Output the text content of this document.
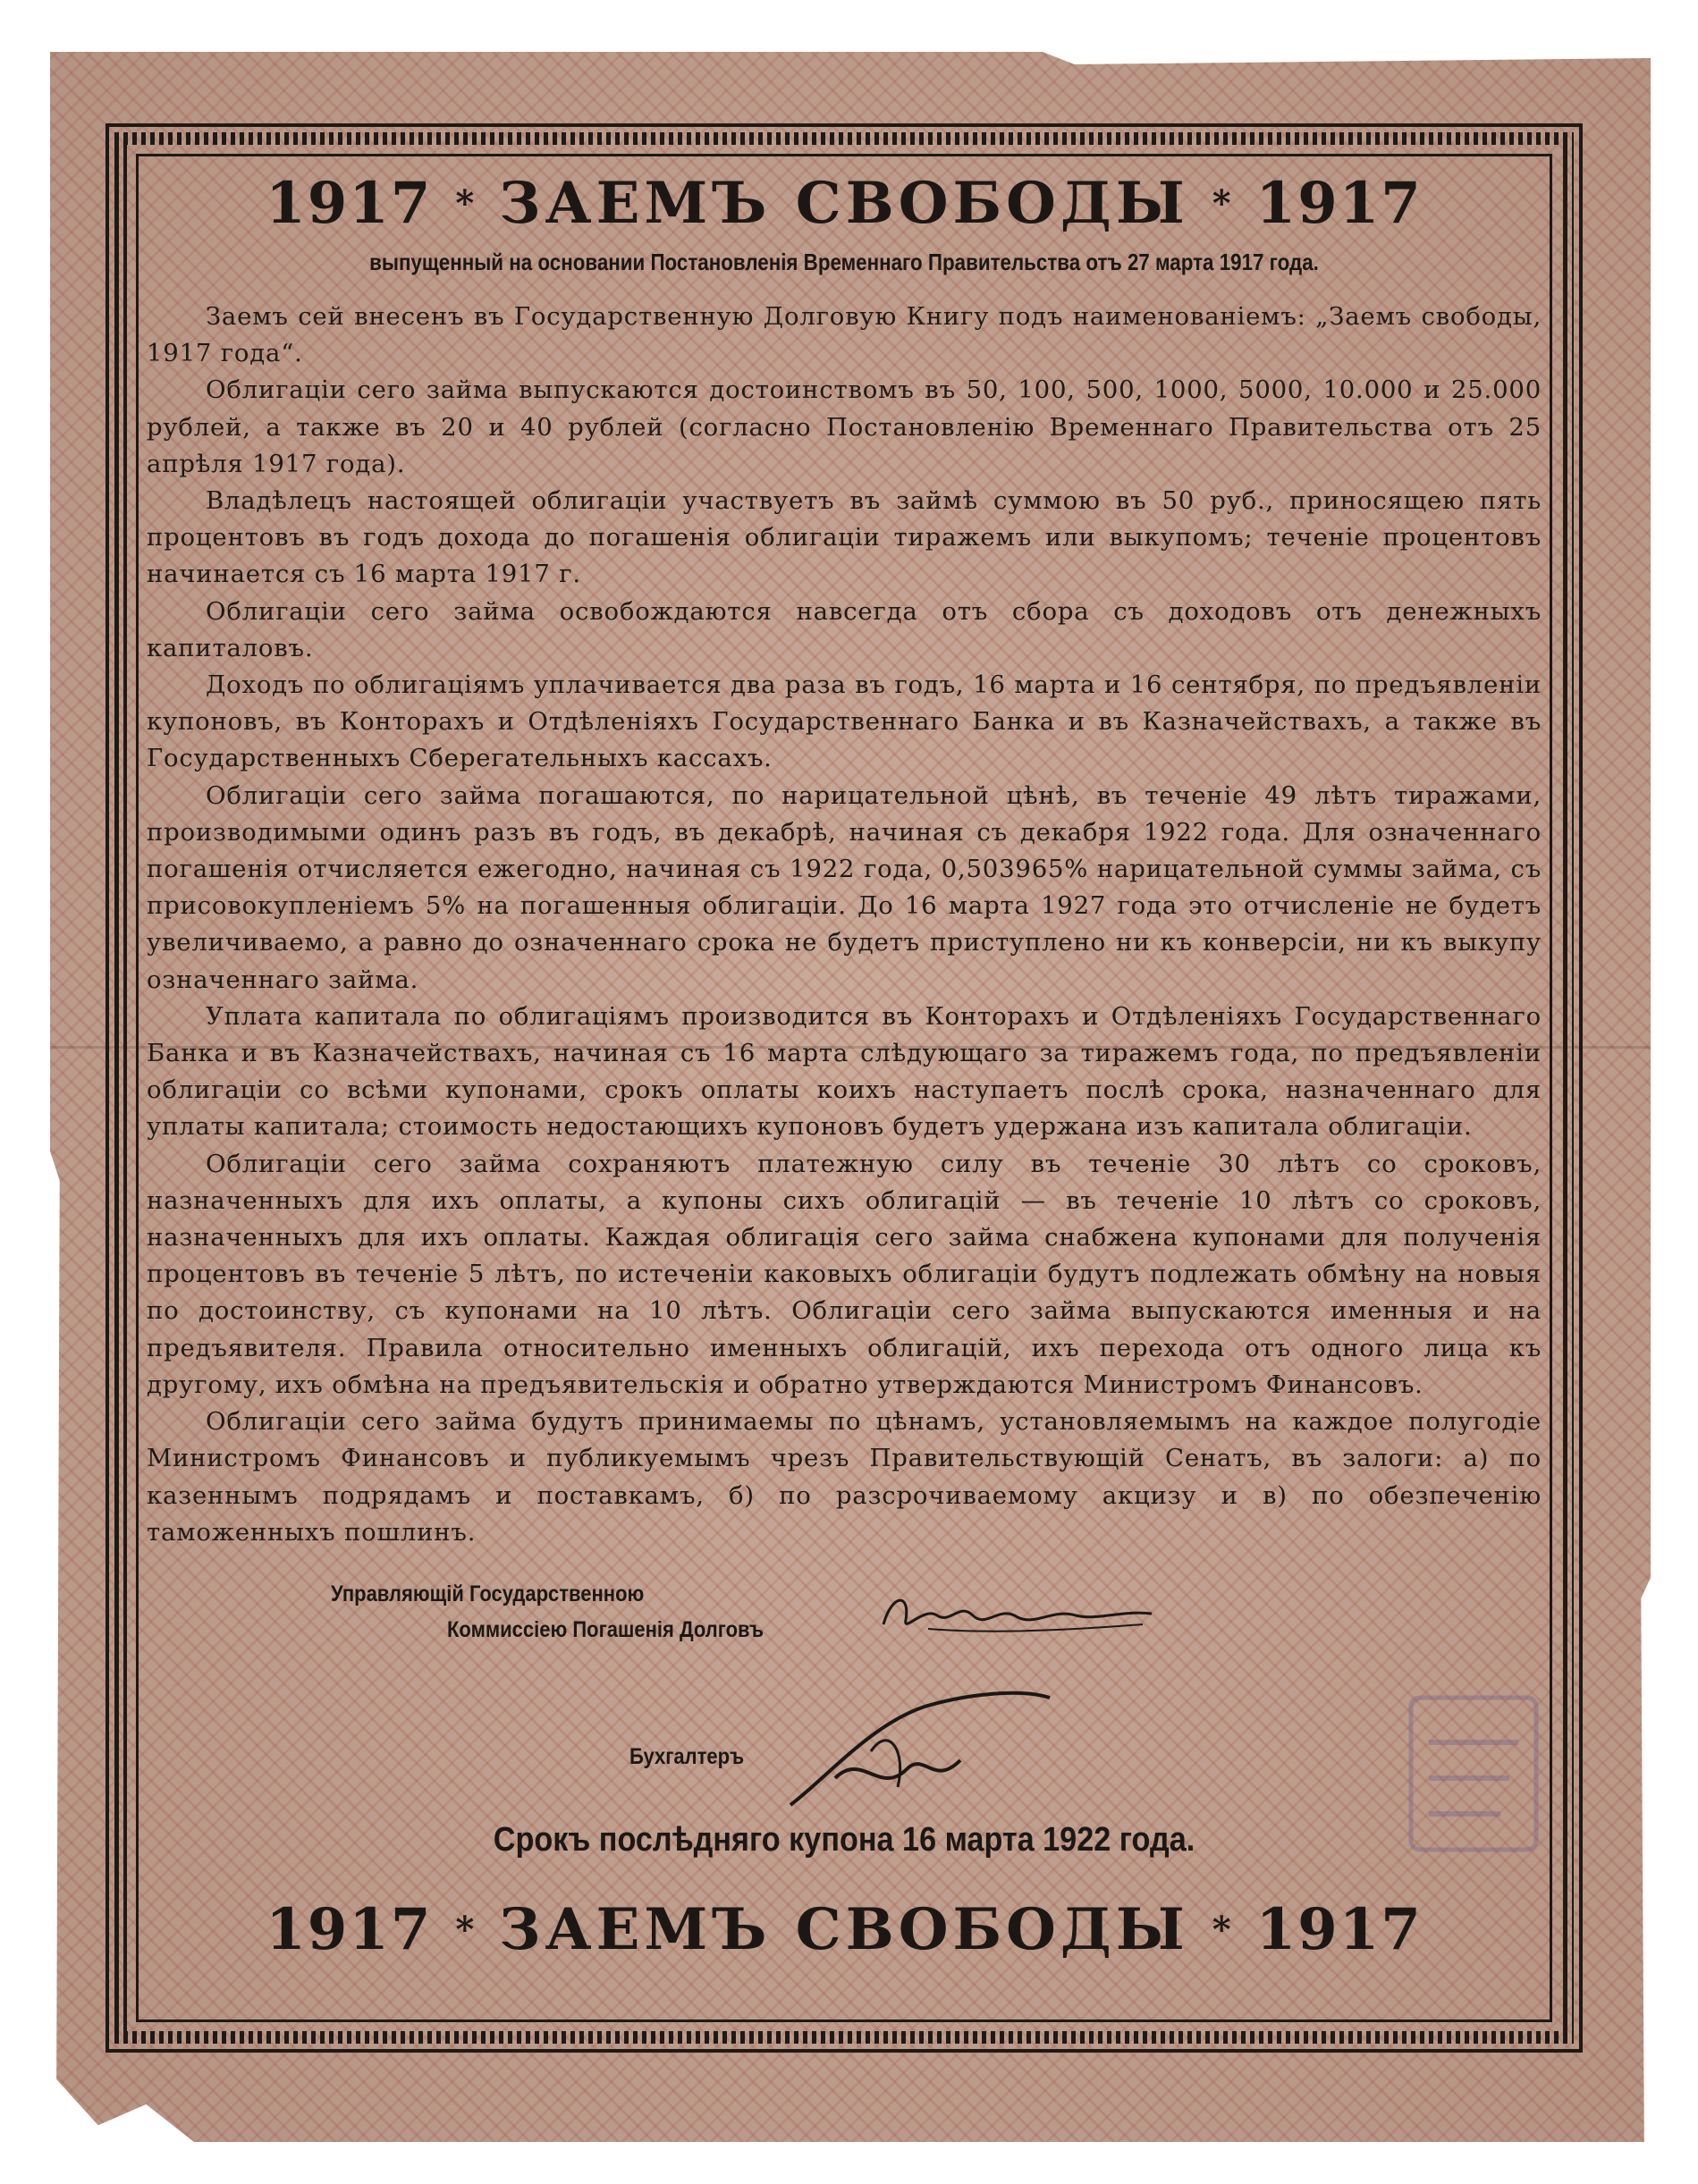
1917 * ЗАЕМЪ СВОБОДЫ * 1917
выпущенный на основании Постановленія Временнаго Правительства отъ 27 марта 1917 года.

Заемъ сей внесенъ въ Государственную Долговую Книгу подъ наименованіемъ: „Заемъ свободы, 1917 года“.

Облигаціи сего займа выпускаются достоинствомъ въ 50, 100, 500, 1000, 5000, 10.000 и 25.000 рублей, а также въ 20 и 40 рублей (согласно Постановленію Временнаго Правительства отъ 25 апрѣля 1917 года).

Владѣлецъ настоящей облигаціи участвуетъ въ займѣ суммою въ 50 руб., приносящею пять процентовъ въ годъ дохода до погашенія облигаціи тиражемъ или выкупомъ; теченіе процентовъ начинается съ 16 марта 1917 г.

Облигаціи сего займа освобождаются навсегда отъ сбора съ доходовъ отъ денежныхъ капиталовъ.

Доходъ по облигаціямъ уплачивается два раза въ годъ, 16 марта и 16 сентября, по предъявленіи купоновъ, въ Конторахъ и Отдѣленіяхъ Государственнаго Банка и въ Казначействахъ, а также въ Государственныхъ Сберегательныхъ кассахъ.

Облигаціи сего займа погашаются, по нарицательной цѣнѣ, въ теченіе 49 лѣтъ тиражами, производимыми одинъ разъ въ годъ, въ декабрѣ, начиная съ декабря 1922 года. Для означеннаго погашенія отчисляется ежегодно, начиная съ 1922 года, 0,503965% нарицательной суммы займа, съ присовокупленіемъ 5% на погашенныя облигаціи. До 16 марта 1927 года это отчисленіе не будетъ увеличиваемо, а равно до означеннаго срока не будетъ приступлено ни къ конверсіи, ни къ выкупу означеннаго займа.

Уплата капитала по облигаціямъ производится въ Конторахъ и Отдѣленіяхъ Государственнаго Банка и въ Казначействахъ, начиная съ 16 марта слѣдующаго за тиражемъ года, по предъявленіи облигаціи со всѣми купонами, срокъ оплаты коихъ наступаетъ послѣ срока, назначеннаго для уплаты капитала; стоимость недостающихъ купоновъ будетъ удержана изъ капитала облигаціи.

Облигаціи сего займа сохраняютъ платежную силу въ теченіе 30 лѣтъ со сроковъ, назначенныхъ для ихъ оплаты, а купоны сихъ облигацій — въ теченіе 10 лѣтъ со сроковъ, назначенныхъ для ихъ оплаты. Каждая облигація сего займа снабжена купонами для полученія процентовъ въ теченіе 5 лѣтъ, по истеченіи каковыхъ облигаціи будутъ подлежать обмѣну на новыя по достоинству, съ купонами на 10 лѣтъ. Облигаціи сего займа выпускаются именныя и на предъявителя. Правила относительно именныхъ облигацій, ихъ перехода отъ одного лица къ другому, ихъ обмѣна на предъявительскія и обратно утверждаются Министромъ Финансовъ.

Облигаціи сего займа будутъ принимаемы по цѣнамъ, установляемымъ на каждое полугодіе Министромъ Финансовъ и публикуемымъ чрезъ Правительствующій Сенатъ, въ залоги: а) по казеннымъ подрядамъ и поставкамъ, б) по разсрочиваемому акцизу и в) по обезпеченію таможенныхъ пошлинъ.

Управляющій Государственною
Коммиссіею Погашенія Долговъ
Бухгалтеръ
Срокъ послѣдняго купона 16 марта 1922 года.
1917 * ЗАЕМЪ СВОБОДЫ * 1917
